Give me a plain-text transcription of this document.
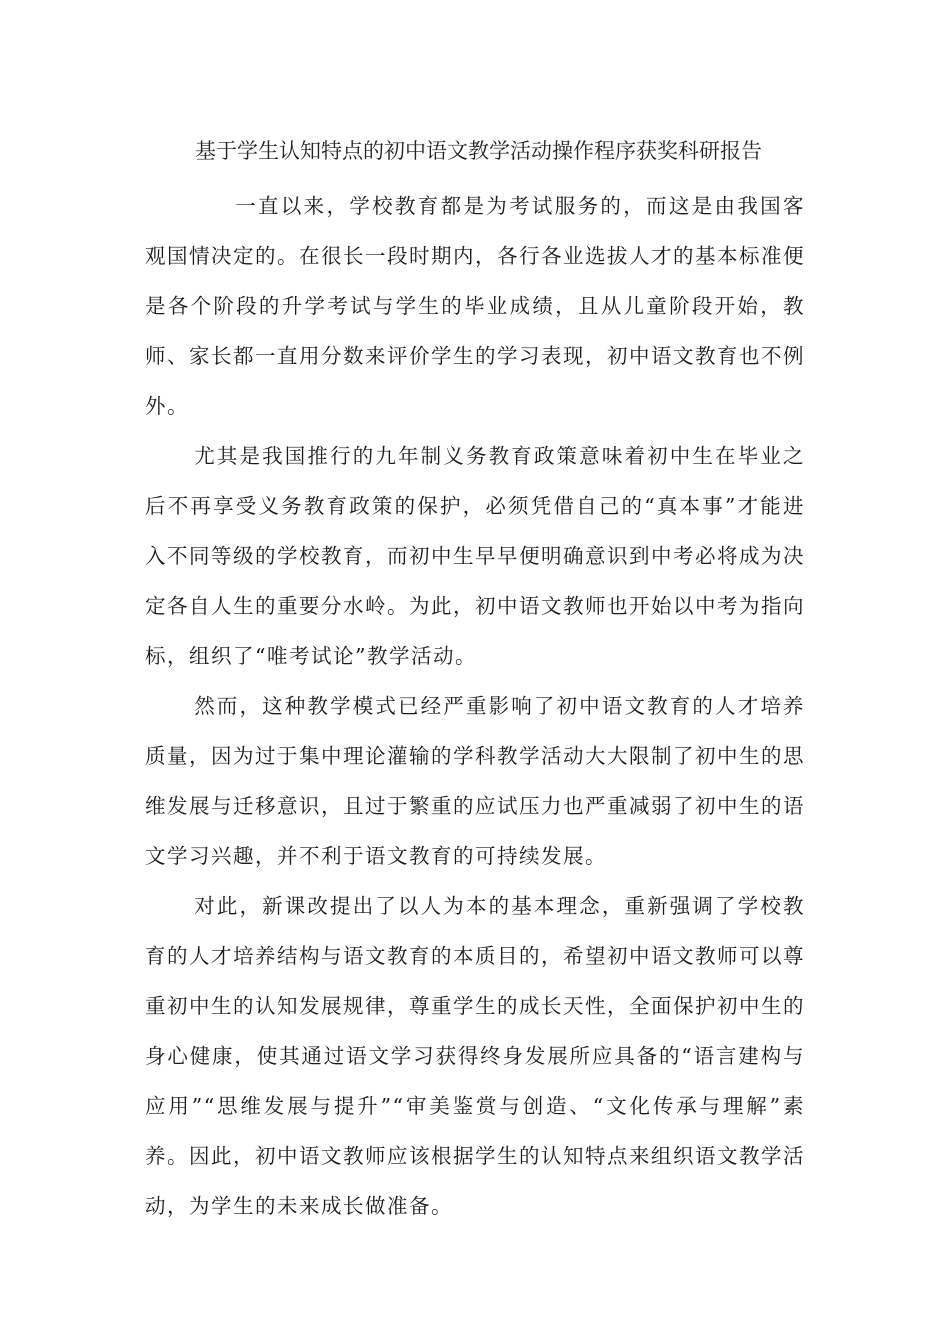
基于学生认知特点的初中语文教学活动操作程序获奖科研报告

一直以来，学校教育都是为考试服务的，而这是由我国客观国情决定的。在很长一段时期内，各行各业选拔人才的基本标准便是各个阶段的升学考试与学生的毕业成绩，且从儿童阶段开始，教师、家长都一直用分数来评价学生的学习表现，初中语文教育也不例外。

尤其是我国推行的九年制义务教育政策意味着初中生在毕业之后不再享受义务教育政策的保护，必须凭借自己的“真本事”才能进入不同等级的学校教育，而初中生早早便明确意识到中考必将成为决定各自人生的重要分水岭。为此，初中语文教师也开始以中考为指向标，组织了“唯考试论”教学活动。

然而，这种教学模式已经严重影响了初中语文教育的人才培养质量，因为过于集中理论灌输的学科教学活动大大限制了初中生的思维发展与迁移意识，且过于繁重的应试压力也严重减弱了初中生的语文学习兴趣，并不利于语文教育的可持续发展。

对此，新课改提出了以人为本的基本理念，重新强调了学校教育的人才培养结构与语文教育的本质目的，希望初中语文教师可以尊重初中生的认知发展规律，尊重学生的成长天性，全面保护初中生的身心健康，使其通过语文学习获得终身发展所应具备的“语言建构与应用”“思维发展与提升”“审美鉴赏与创造、“文化传承与理解”素养。因此，初中语文教师应该根据学生的认知特点来组织语文教学活动，为学生的未来成长做准备。
